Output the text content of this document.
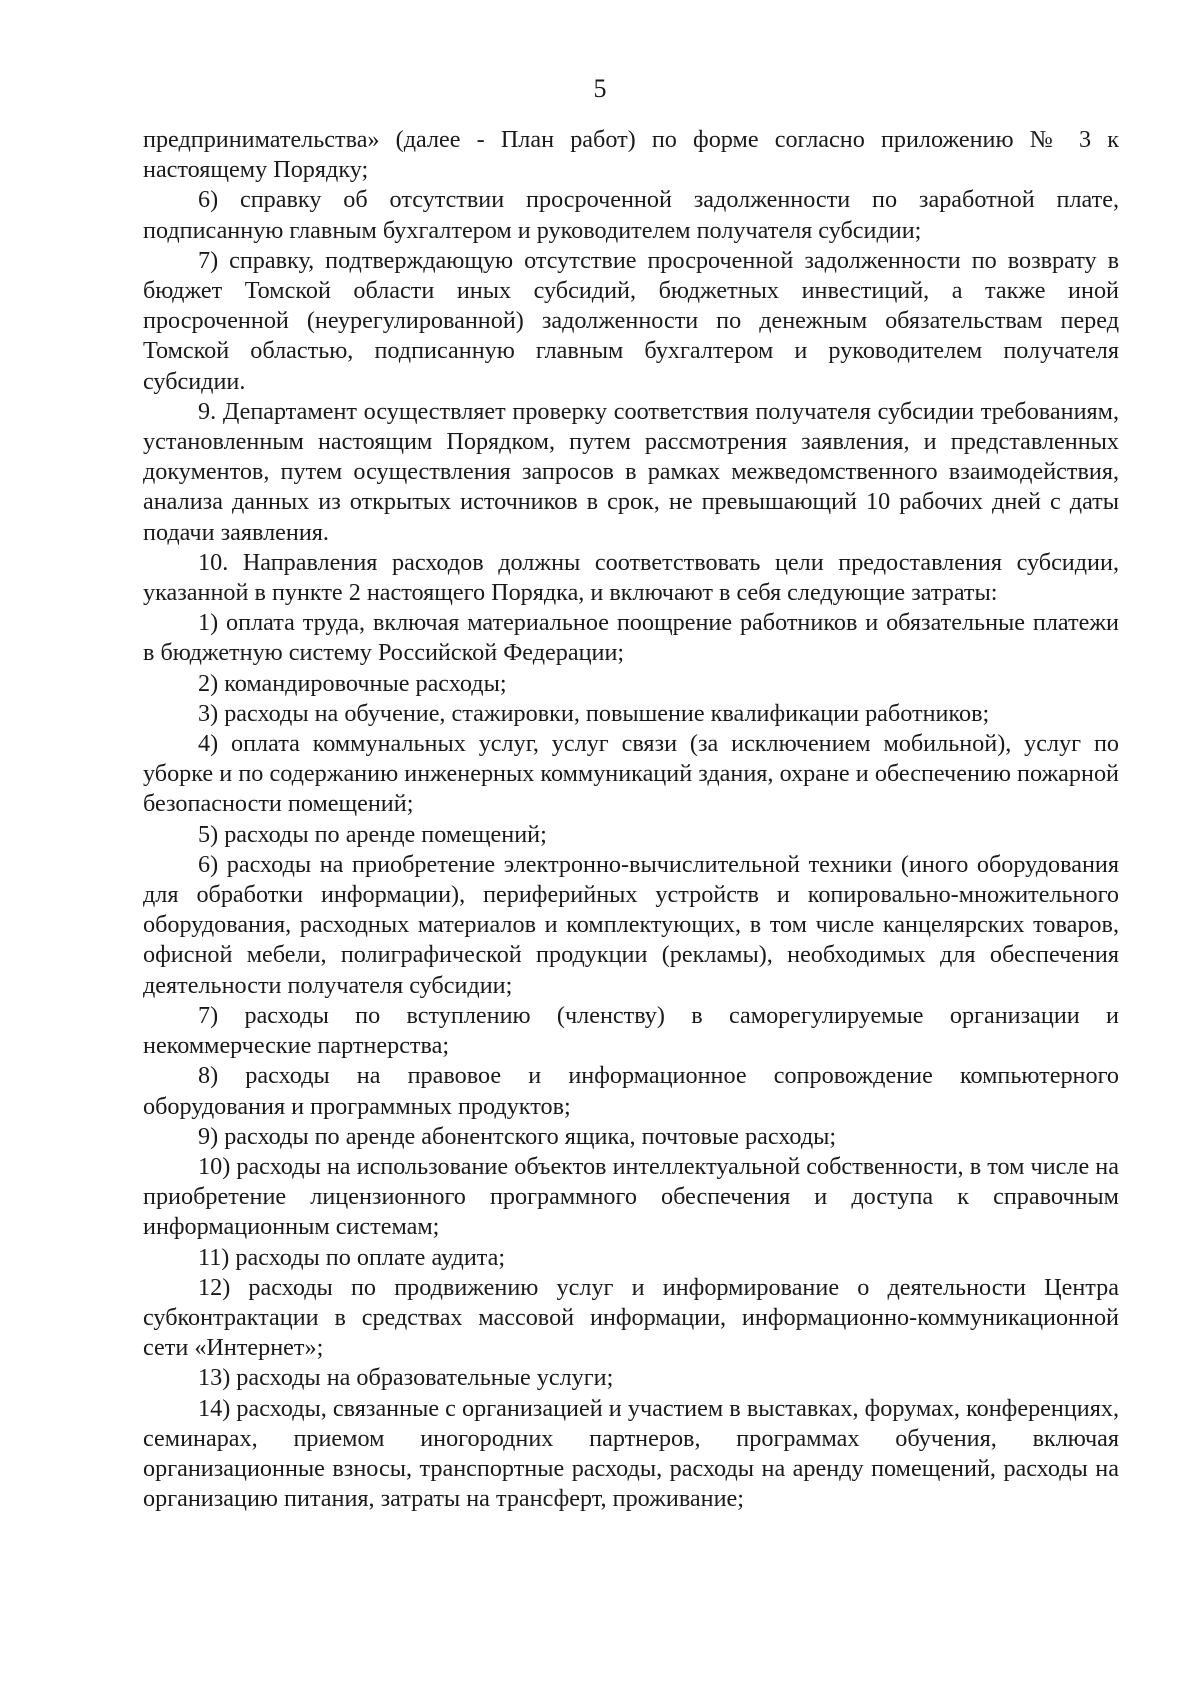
5

предпринимательства» (далее - План работ) по форме согласно приложению № 3 к настоящему Порядку;

6) справку об отсутствии просроченной задолженности по заработной плате, подписанную главным бухгалтером и руководителем получателя субсидии;

7) справку, подтверждающую отсутствие просроченной задолженности по возврату в бюджет Томской области иных субсидий, бюджетных инвестиций, а также иной просроченной (неурегулированной) задолженности по денежным обязательствам перед Томской областью, подписанную главным бухгалтером и руководителем получателя субсидии.

9. Департамент осуществляет проверку соответствия получателя субсидии требованиям, установленным настоящим Порядком, путем рассмотрения заявления, и представленных документов, путем осуществления запросов в рамках межведомственного взаимодействия, анализа данных из открытых источников в срок, не превышающий 10 рабочих дней с даты подачи заявления.

10. Направления расходов должны соответствовать цели предоставления субсидии, указанной в пункте 2 настоящего Порядка, и включают в себя следующие затраты:

1) оплата труда, включая материальное поощрение работников и обязательные платежи в бюджетную систему Российской Федерации;

2) командировочные расходы;

3) расходы на обучение, стажировки, повышение квалификации работников;

4) оплата коммунальных услуг, услуг связи (за исключением мобильной), услуг по уборке и по содержанию инженерных коммуникаций здания, охране и обеспечению пожарной безопасности помещений;

5) расходы по аренде помещений;

6) расходы на приобретение электронно-вычислительной техники (иного оборудования для обработки информации), периферийных устройств и копировально-множительного оборудования, расходных материалов и комплектующих, в том числе канцелярских товаров, офисной мебели, полиграфической продукции (рекламы), необходимых для обеспечения деятельности получателя субсидии;

7) расходы по вступлению (членству) в саморегулируемые организации и некоммерческие партнерства;

8) расходы на правовое и информационное сопровождение компьютерного оборудования и программных продуктов;

9) расходы по аренде абонентского ящика, почтовые расходы;

10) расходы на использование объектов интеллектуальной собственности, в том числе на приобретение лицензионного программного обеспечения и доступа к справочным информационным системам;

11) расходы по оплате аудита;

12) расходы по продвижению услуг и информирование о деятельности Центра субконтрактации в средствах массовой информации, информационно-коммуникационной сети «Интернет»;

13) расходы на образовательные услуги;

14) расходы, связанные с организацией и участием в выставках, форумах, конференциях, семинарах, приемом иногородних партнеров, программах обучения, включая организационные взносы, транспортные расходы, расходы на аренду помещений, расходы на организацию питания, затраты на трансферт, проживание;
